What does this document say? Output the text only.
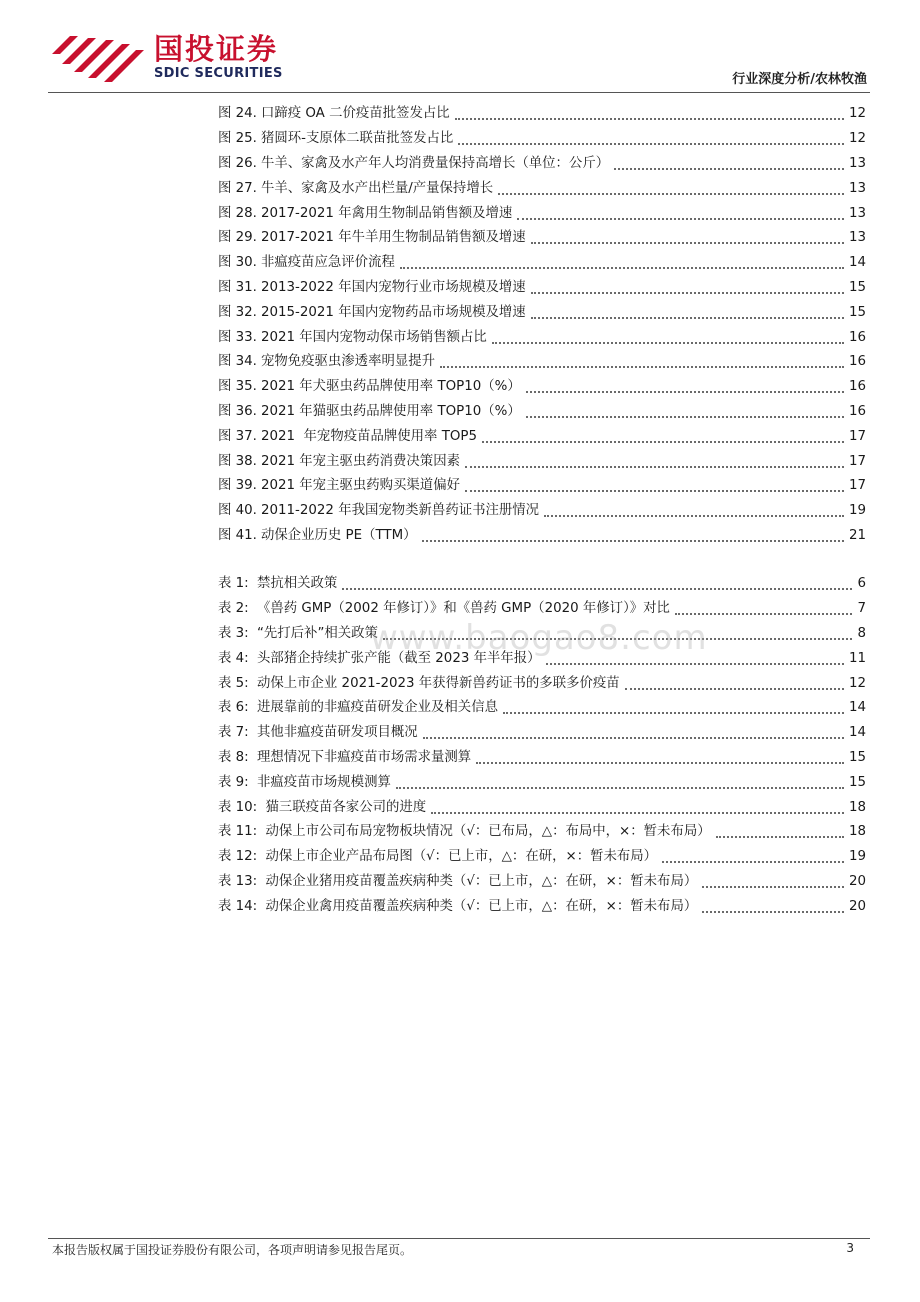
国投证券
SDIC SECURITIES	行业深度分析/农林牧渔
图 24. 口蹄疫 OA 二价疫苗批签发占比	12
图 25. 猪圆环-支原体二联苗批签发占比	12
图 26. 牛羊、家禽及水产年人均消费量保持高增长（单位：公斤）	13
图 27. 牛羊、家禽及水产出栏量/产量保持增长	13
图 28. 2017-2021 年禽用生物制品销售额及增速	13
图 29. 2017-2021 年牛羊用生物制品销售额及增速	13
图 30. 非瘟疫苗应急评价流程	14
图 31. 2013-2022 年国内宠物行业市场规模及增速	15
图 32. 2015-2021 年国内宠物药品市场规模及增速	15
图 33. 2021 年国内宠物动保市场销售额占比	16
图 34. 宠物免疫驱虫渗透率明显提升	16
图 35. 2021 年犬驱虫药品牌使用率 TOP10（%）	16
图 36. 2021 年猫驱虫药品牌使用率 TOP10（%）	16
图 37. 2021  年宠物疫苗品牌使用率 TOP5	17
图 38. 2021 年宠主驱虫药消费决策因素	17
图 39. 2021 年宠主驱虫药购买渠道偏好	17
图 40. 2011-2022 年我国宠物类新兽药证书注册情况	19
图 41. 动保企业历史 PE（TTM）	21
表 1: 禁抗相关政策	6
表 2: 《兽药 GMP（2002 年修订）》和《兽药 GMP（2020 年修订）》对比	7
表 3: “先打后补”相关政策	8
表 4: 头部猪企持续扩张产能（截至 2023 年半年报）	11
表 5: 动保上市企业 2021-2023 年获得新兽药证书的多联多价疫苗	12
表 6: 进展靠前的非瘟疫苗研发企业及相关信息	14
表 7: 其他非瘟疫苗研发项目概况	14
表 8: 理想情况下非瘟疫苗市场需求量测算	15
表 9: 非瘟疫苗市场规模测算	15
表 10: 猫三联疫苗各家公司的进度	18
表 11: 动保上市公司布局宠物板块情况（√：已布局，△：布局中，×：暂未布局）	18
表 12: 动保上市企业产品布局图（√：已上市，△：在研，×：暂未布局）	19
表 13: 动保企业猪用疫苗覆盖疾病种类（√：已上市，△：在研，×：暂未布局）	20
表 14: 动保企业禽用疫苗覆盖疾病种类（√：已上市，△：在研，×：暂未布局）	20
www.baogao8.com
本报告版权属于国投证券股份有限公司，各项声明请参见报告尾页。	3
